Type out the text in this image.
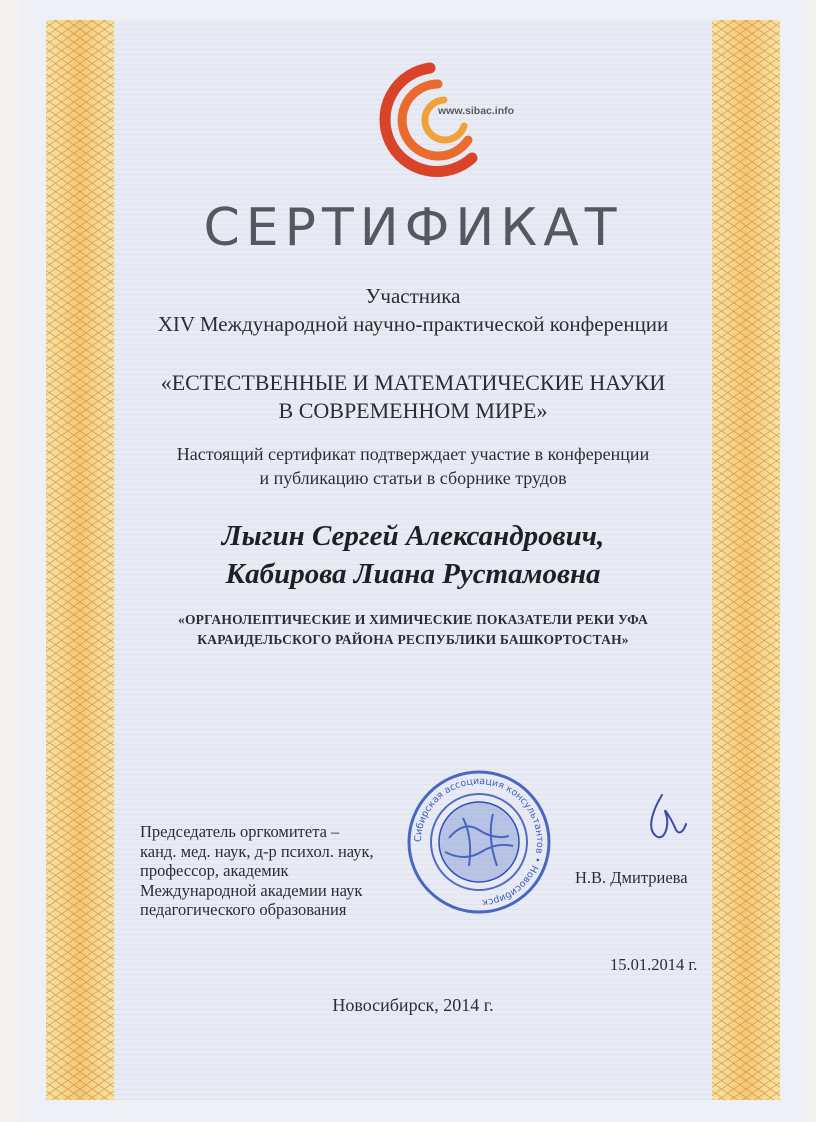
www.sibac.info
СЕРТИФИКАТ
Участника
XIV Международной научно-практической конференции
«ЕСТЕСТВЕННЫЕ И МАТЕМАТИЧЕСКИЕ НАУКИ
В СОВРЕМЕННОМ МИРЕ»
Настоящий сертификат подтверждает участие в конференции
и публикацию статьи в сборнике трудов
Лыгин Сергей Александрович,
Кабирова Лиана Рустамовна
«ОРГАНОЛЕПТИЧЕСКИЕ И ХИМИЧЕСКИЕ ПОКАЗАТЕЛИ РЕКИ УФА
КАРАИДЕЛЬСКОГО РАЙОНА РЕСПУБЛИКИ БАШКОРТОСТАН»
Сибирская ассоциация консультантов • Новосибирск
Председатель оргкомитета –
канд. мед. наук, д-р психол. наук,
профессор, академик
Международной академии наук
педагогического образования
Н.В. Дмитриева
15.01.2014 г.
Новосибирск, 2014 г.
